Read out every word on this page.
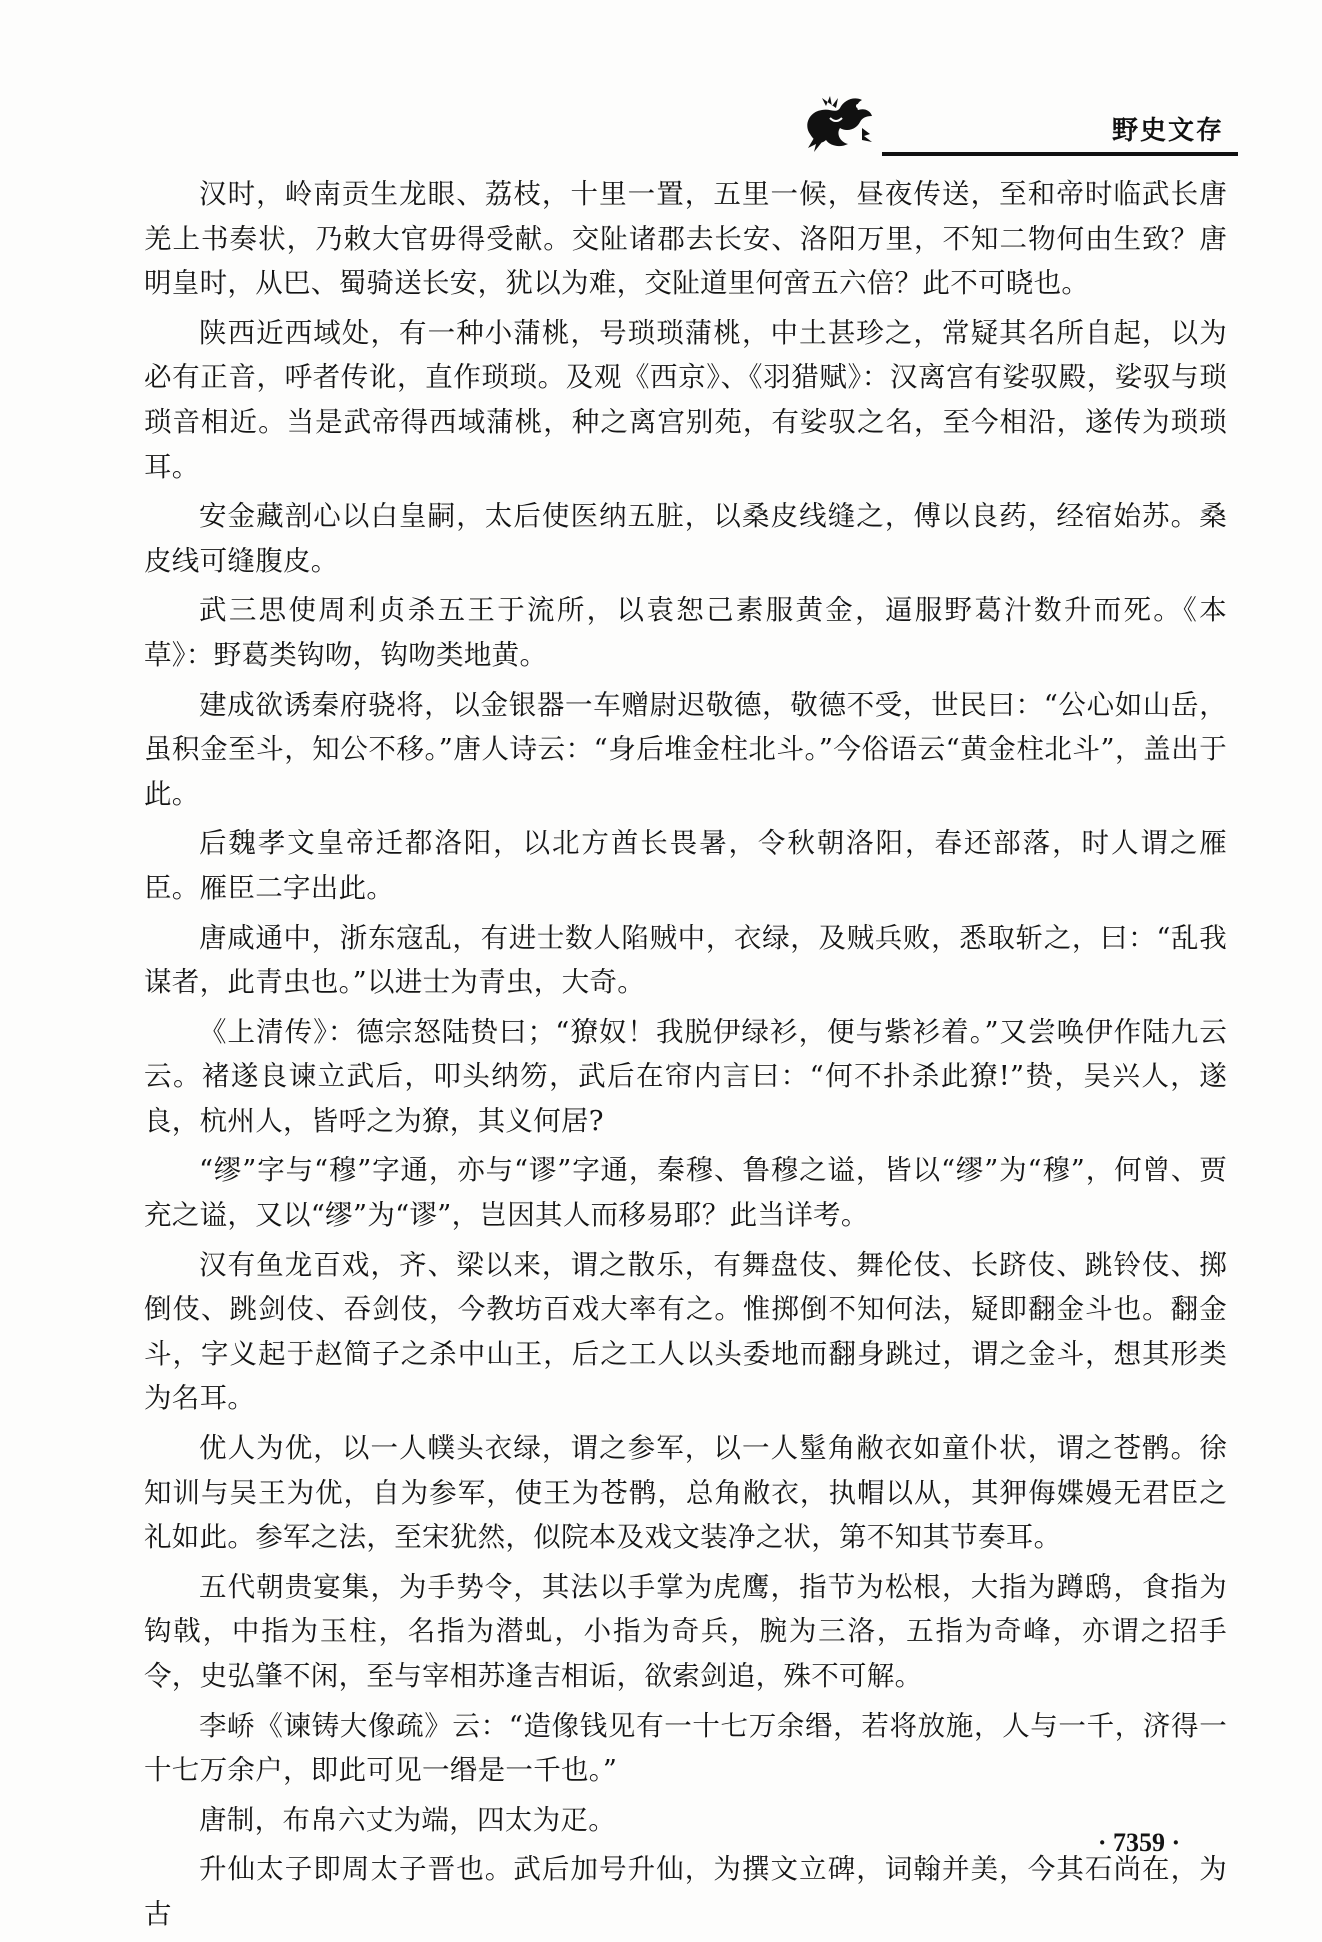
野史文存

汉时，岭南贡生龙眼、荔枝，十里一置，五里一候，昼夜传送，至和帝时临武长唐羌上书奏状，乃敕大官毋得受献。交阯诸郡去长安、洛阳万里，不知二物何由生致？唐明皇时，从巴、蜀骑送长安，犹以为难，交阯道里何啻五六倍？此不可晓也。

陕西近西域处，有一种小蒲桃，号琐琐蒲桃，中土甚珍之，常疑其名所自起，以为必有正音，呼者传讹，直作琐琐。及观《西京》、《羽猎赋》：汉离宫有娑驭殿，娑驭与琐琐音相近。当是武帝得西域蒲桃，种之离宫别苑，有娑驭之名，至今相沿，遂传为琐琐耳。

安金藏剖心以白皇嗣，太后使医纳五脏，以桑皮线缝之，傅以良药，经宿始苏。桑皮线可缝腹皮。

武三思使周利贞杀五王于流所，以袁恕己素服黄金，逼服野葛汁数升而死。《本草》：野葛类钩吻，钩吻类地黄。

建成欲诱秦府骁将，以金银器一车赠尉迟敬德，敬德不受，世民曰：“公心如山岳，虽积金至斗，知公不移。”唐人诗云：“身后堆金柱北斗。”今俗语云“黄金柱北斗”，盖出于此。

后魏孝文皇帝迁都洛阳，以北方酋长畏暑，令秋朝洛阳，春还部落，时人谓之雁臣。雁臣二字出此。

唐咸通中，浙东寇乱，有进士数人陷贼中，衣绿，及贼兵败，悉取斩之，曰：“乱我谋者，此青虫也。”以进士为青虫，大奇。

《上清传》：德宗怒陆贽曰；“獠奴！我脱伊绿衫，便与紫衫着。”又尝唤伊作陆九云云。褚遂良谏立武后，叩头纳笏，武后在帘内言曰：“何不扑杀此獠!”贽，吴兴人，遂良，杭州人，皆呼之为獠，其义何居?

“缪”字与“穆”字通，亦与“谬”字通，秦穆、鲁穆之谥，皆以“缪”为“穆”，何曾、贾充之谥，又以“缪”为“谬”，岂因其人而移易耶？此当详考。

汉有鱼龙百戏，齐、梁以来，谓之散乐，有舞盘伎、舞伦伎、长跻伎、跳铃伎、掷倒伎、跳剑伎、吞剑伎，今教坊百戏大率有之。惟掷倒不知何法，疑即翻金斗也。翻金斗，字义起于赵简子之杀中山王，后之工人以头委地而翻身跳过，谓之金斗，想其形类为名耳。

优人为优，以一人幞头衣绿，谓之参军，以一人髽角敝衣如童仆状，谓之苍鹘。徐知训与吴王为优，自为参军，使王为苍鹘，总角敝衣，执帽以从，其狎侮媟嫚无君臣之礼如此。参军之法，至宋犹然，似院本及戏文装净之状，第不知其节奏耳。

五代朝贵宴集，为手势令，其法以手掌为虎鹰，指节为松根，大指为蹲鸱，食指为钩戟，中指为玉柱，名指为潜虬，小指为奇兵，腕为三洛，五指为奇峰，亦谓之招手令，史弘肇不闲，至与宰相苏逢吉相诟，欲索剑追，殊不可解。

李峤《谏铸大像疏》云：“造像钱见有一十七万余缗，若将放施，人与一千，济得一十七万余户，即此可见一缗是一千也。”

唐制，布帛六丈为端，四太为疋。

升仙太子即周太子晋也。武后加号升仙，为撰文立碑，词翰并美，今其石尚在，为古

· 7359 ·
